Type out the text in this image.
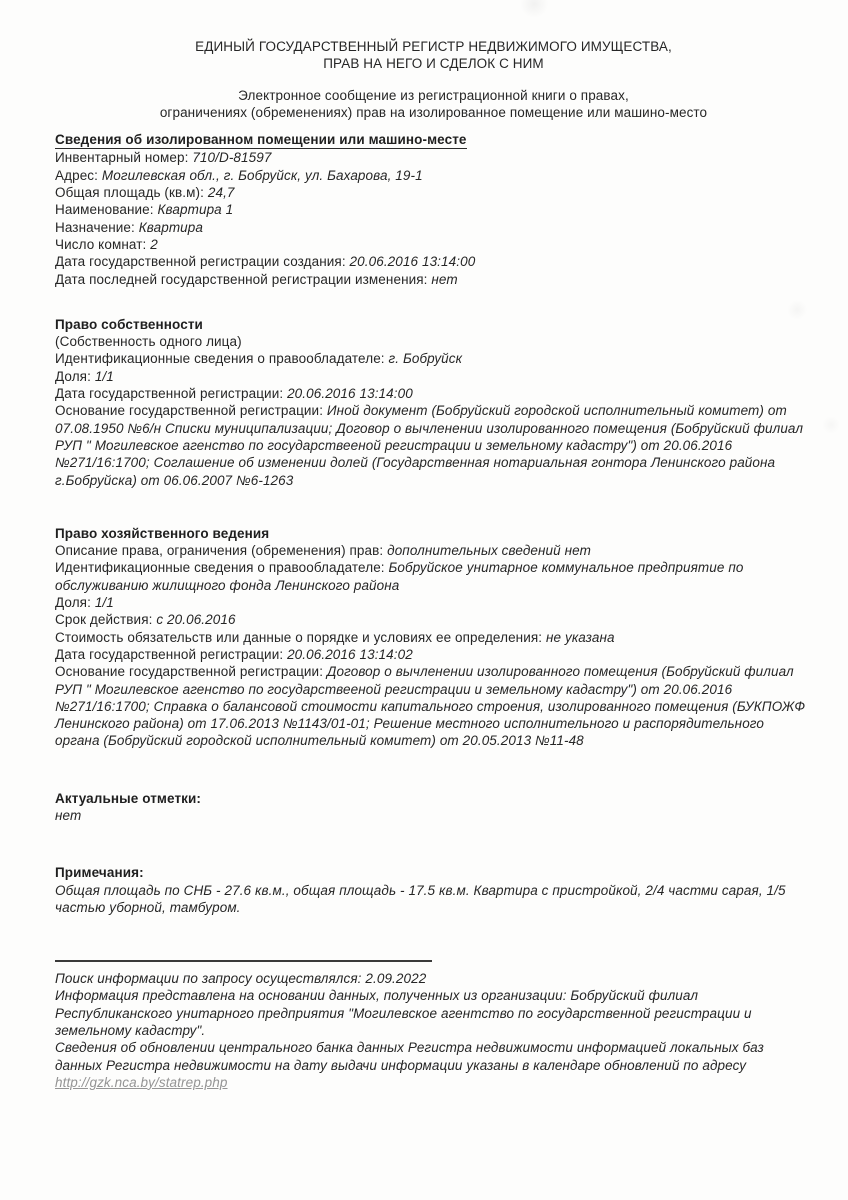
ЕДИНЫЙ ГОСУДАРСТВЕННЫЙ РЕГИСТР НЕДВИЖИМОГО ИМУЩЕСТВА,
ПРАВ НА НЕГО И СДЕЛОК С НИМ
Электронное сообщение из регистрационной книги о правах,
ограничениях (обременениях) прав на изолированное помещение или машино-место
Сведения об изолированном помещении или машино-месте
Инвентарный номер: 710/D-81597
Адрес: Могилевская обл., г. Бобруйск, ул. Бахарова, 19-1
Общая площадь (кв.м): 24,7
Наименование: Квартира 1
Назначение: Квартира
Число комнат: 2
Дата государственной регистрации создания: 20.06.2016 13:14:00
Дата последней государственной регистрации изменения: нет
Право собственности
(Собственность одного лица)
Идентификационные сведения о правообладателе: г. Бобруйск
Доля: 1/1
Дата государственной регистрации: 20.06.2016 13:14:00
Основание государственной регистрации: Иной документ (Бобруйский городской исполнительный комитет) от 07.08.1950 №6/н Списки муниципализации; Договор о вычленении изолированного помещения (Бобруйский филиал РУП " Могилевское агенство по государствееной регистрации и земельному кадастру") от 20.06.2016 №271/16:1700; Соглашение об изменении долей (Государственная нотариальная гонтора Ленинского района г.Бобруйска) от 06.06.2007 №6-1263
Право хозяйственного ведения
Описание права, ограничения (обременения) прав: дополнительных сведений нет
Идентификационные сведения о правообладателе: Бобруйское унитарное коммунальное предприятие по обслуживанию жилищного фонда Ленинского района
Доля: 1/1
Срок действия: с 20.06.2016
Стоимость обязательств или данные о порядке и условиях ее определения: не указана
Дата государственной регистрации: 20.06.2016 13:14:02
Основание государственной регистрации: Договор о вычленении изолированного помещения (Бобруйский филиал РУП " Могилевское агенство по государствееной регистрации и земельному кадастру") от 20.06.2016 №271/16:1700; Справка о балансовой стоимости капитального строения, изолированного помещения (БУКПОЖФ Ленинского района) от 17.06.2013 №1143/01-01; Решение местного исполнительного и распорядительного органа (Бобруйский городской исполнительный комитет) от 20.05.2013 №11-48
Актуальные отметки:
нет
Примечания:
Общая площадь по СНБ - 27.6 кв.м., общая площадь - 17.5 кв.м. Квартира с пристройкой, 2/4 частми сарая, 1/5 частью уборной, тамбуром.
Поиск информации по запросу осуществлялся: 2.09.2022
Информация представлена на основании данных, полученных из организации: Бобруйский филиал Республиканского унитарного предприятия "Могилевское агентство по государственной регистрации и земельному кадастру".
Сведения об обновлении центрального банка данных Регистра недвижимости информацией локальных баз данных Регистра недвижимости на дату выдачи информации указаны в календаре обновлений по адресу
http://gzk.nca.by/statrep.php
